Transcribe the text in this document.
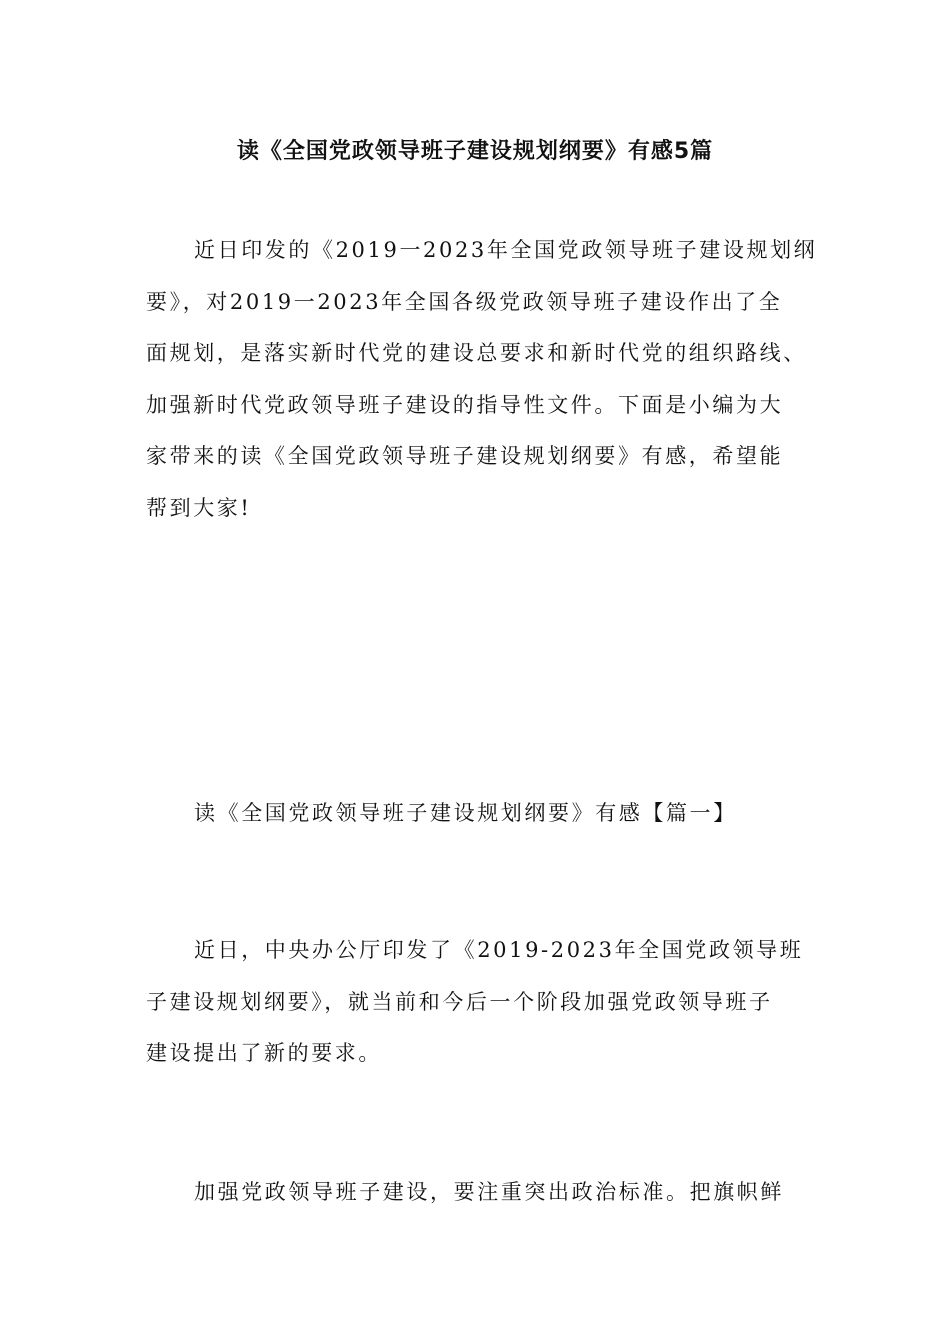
读《全国党政领导班子建设规划纲要》有感5篇
近日印发的《2019一2023年全国党政领导班子建设规划纲
要》，对2019一2023年全国各级党政领导班子建设作出了全
面规划，是落实新时代党的建设总要求和新时代党的组织路线、
加强新时代党政领导班子建设的指导性文件。下面是小编为大
家带来的读《全国党政领导班子建设规划纲要》有感，希望能
帮到大家!
读《全国党政领导班子建设规划纲要》有感【篇一】
近日，中央办公厅印发了《2019-2023年全国党政领导班
子建设规划纲要》，就当前和今后一个阶段加强党政领导班子
建设提出了新的要求。
加强党政领导班子建设，要注重突出政治标准。把旗帜鲜
